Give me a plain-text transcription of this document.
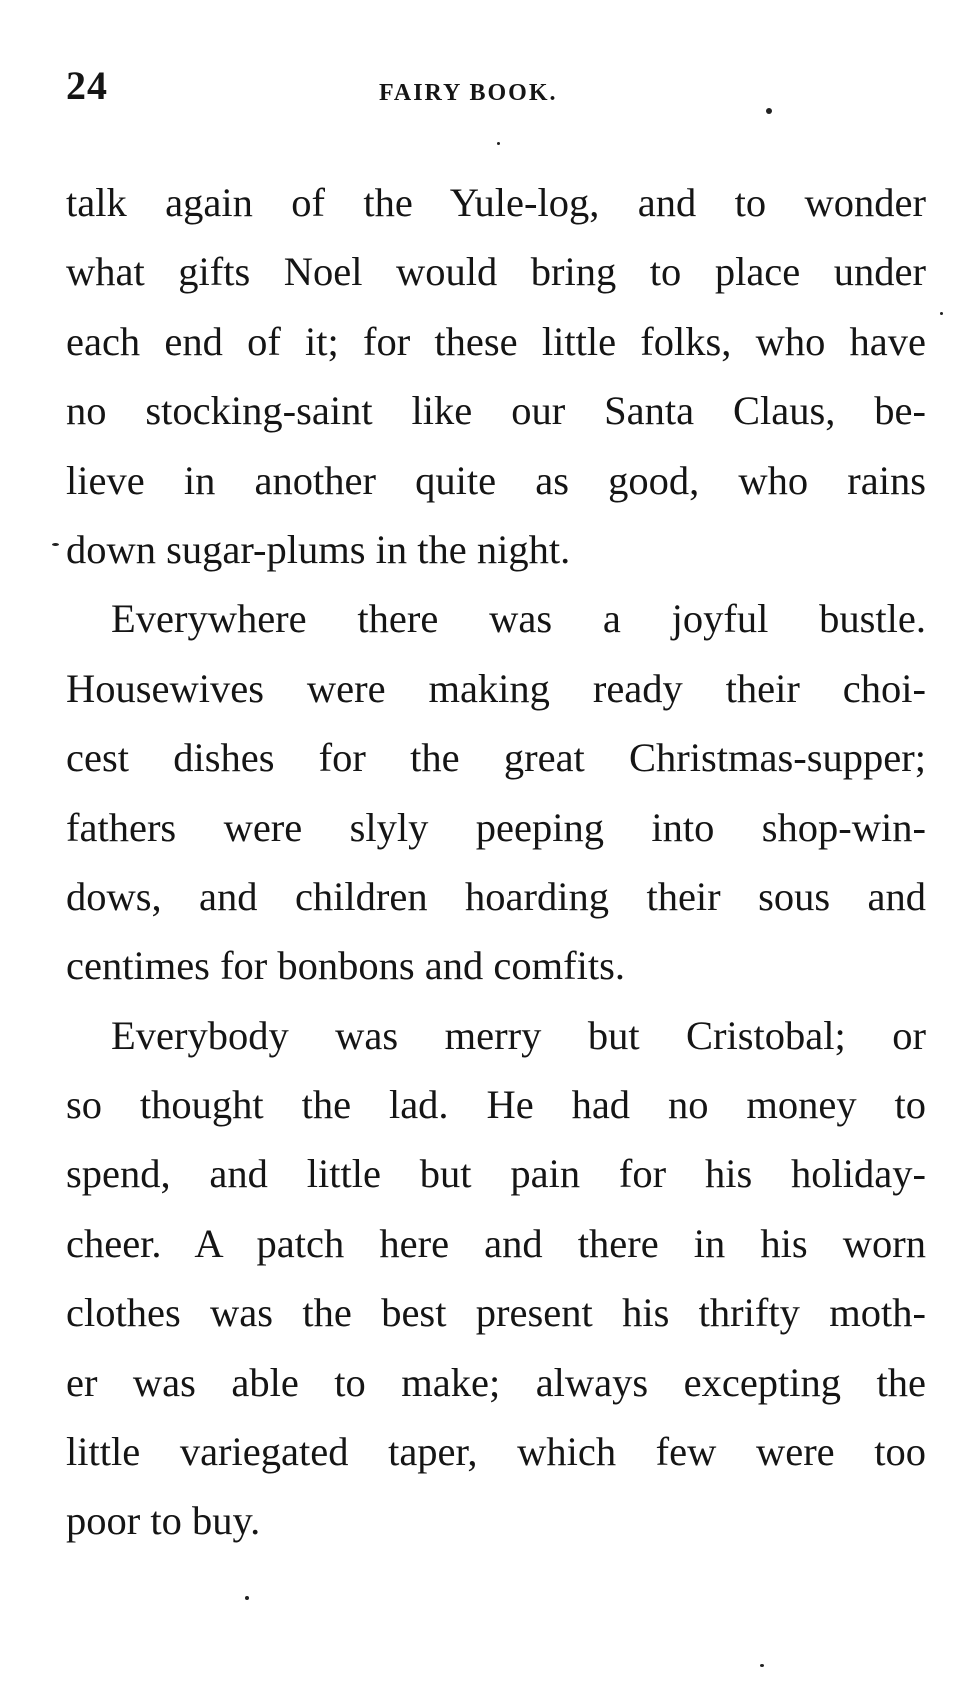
24	FAIRY BOOK.
talk again of the Yule-log, and to wonder
what gifts Noel would bring to place under
each end of it; for these little folks, who have
no stocking-saint like our Santa Claus, be-
lieve in another quite as good, who rains
down sugar-plums in the night.
Everywhere there was a joyful bustle.
Housewives were making ready their choi-
cest dishes for the great Christmas-supper;
fathers were slyly peeping into shop-win-
dows, and children hoarding their sous and
centimes for bonbons and comfits.
Everybody was merry but Cristobal; or
so thought the lad. He had no money to
spend, and little but pain for his holiday-
cheer. A patch here and there in his worn
clothes was the best present his thrifty moth-
er was able to make; always excepting the
little variegated taper, which few were too
poor to buy.
